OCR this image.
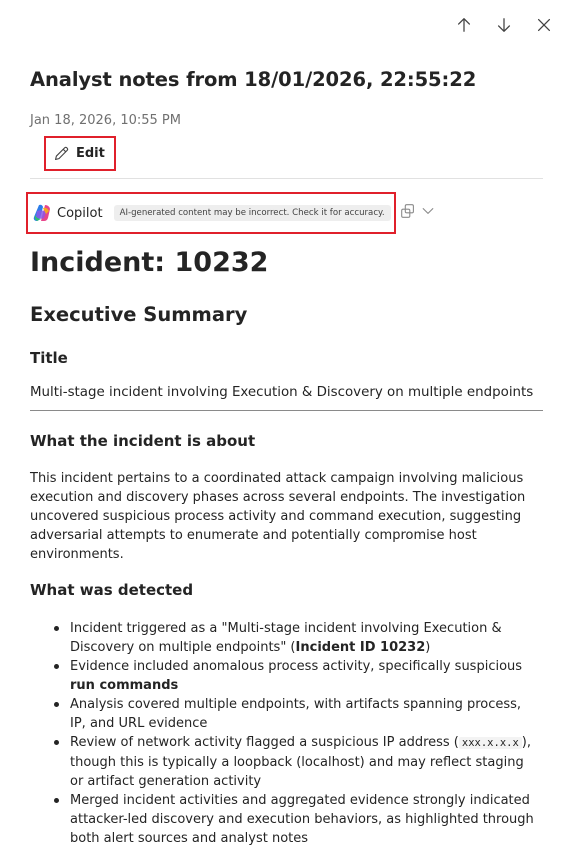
Analyst notes from 18/01/2026, 22:55:22
Jan 18, 2026, 10:55 PM
Edit
Copilot	AI-generated content may be incorrect. Check it for accuracy.
Incident: 10232
Executive Summary
Title
Multi-stage incident involving Execution & Discovery on multiple endpoints
What the incident is about
This incident pertains to a coordinated attack campaign involving malicious execution and discovery phases across several endpoints. The investigation uncovered suspicious process activity and command execution, suggesting adversarial attempts to enumerate and potentially compromise host environments.
What was detected
Incident triggered as a "Multi-stage incident involving Execution & Discovery on multiple endpoints" (Incident ID 10232)
Evidence included anomalous process activity, specifically suspicious run commands
Analysis covered multiple endpoints, with artifacts spanning process, IP, and URL evidence
Review of network activity flagged a suspicious IP address ( xxx.x.x.x ), though this is typically a loopback (localhost) and may reflect staging or artifact generation activity
Merged incident activities and aggregated evidence strongly indicated attacker-led discovery and execution behaviors, as highlighted through both alert sources and analyst notes
